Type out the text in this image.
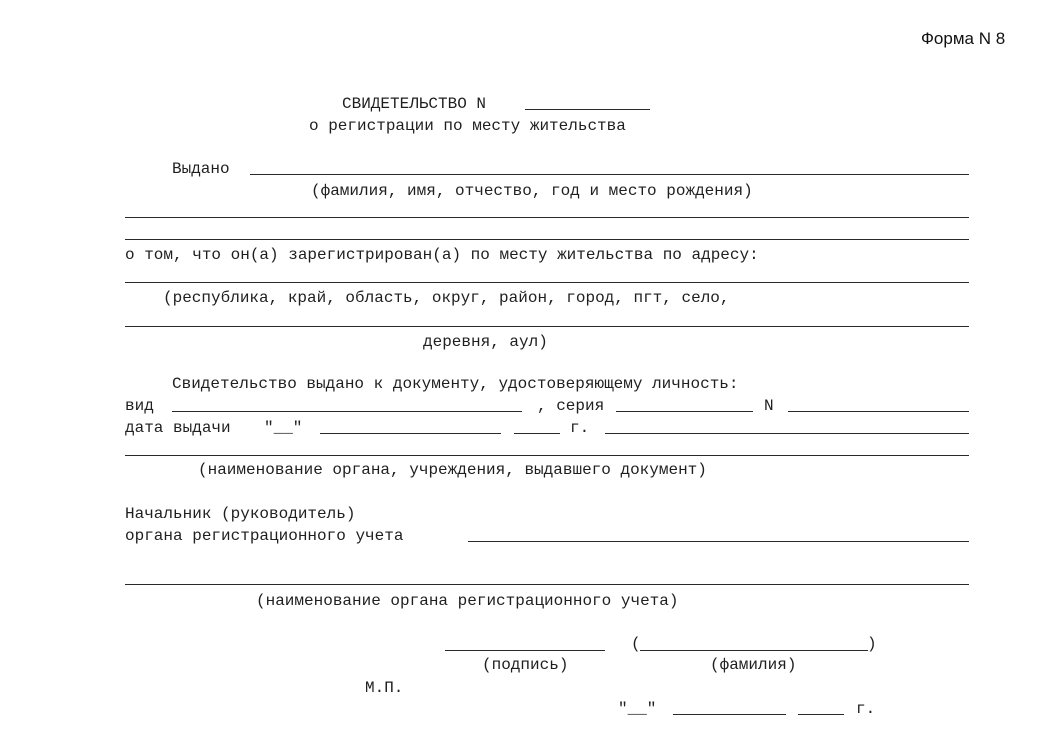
Форма N 8
СВИДЕТЕЛЬСТВО N
о регистрации по месту жительства
Выдано
(фамилия, имя, отчество, год и место рождения)
о том, что он(а) зарегистрирован(а) по месту жительства по адресу:
(республика, край, область, округ, район, город, пгт, село,
деревня, аул)
Свидетельство выдано к документу, удостоверяющему личность:
вид	, серия	N
дата выдачи "__"	г.
(наименование органа, учреждения, выдавшего документ)
Начальник (руководитель)
органа регистрационного учета
(наименование органа регистрационного учета)
(	)
(подпись)	(фамилия)
М.П.
"__"	г.
